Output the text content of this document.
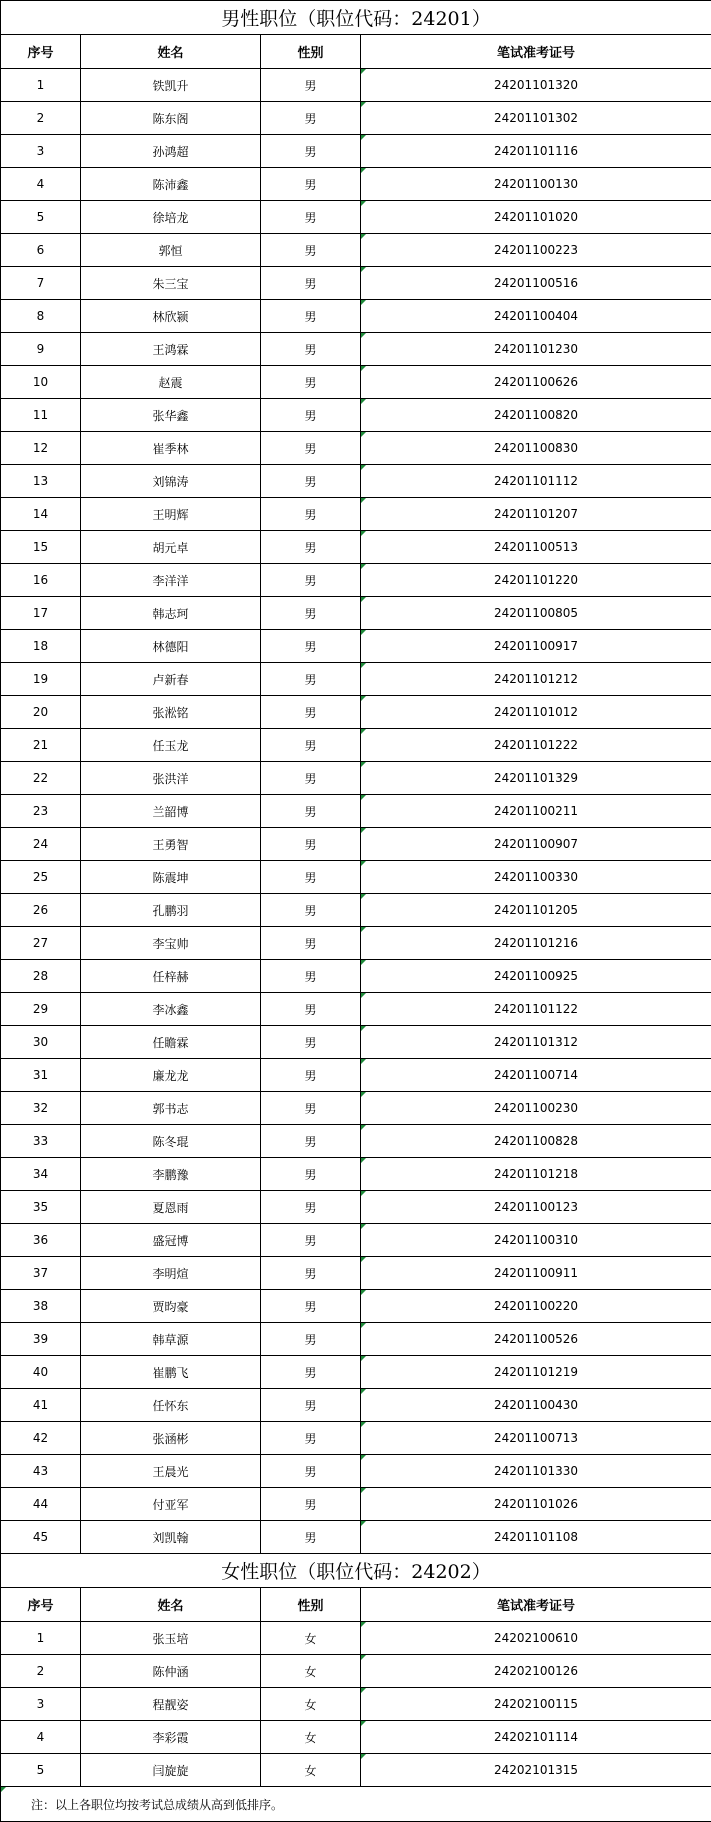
男性职位（职位代码：24201）			
序号	姓名	性别	笔试准考证号
1	铁凯升	男	24201101320
2	陈东阁	男	24201101302
3	孙鸿超	男	24201101116
4	陈沛鑫	男	24201100130
5	徐培龙	男	24201101020
6	郭恒	男	24201100223
7	朱三宝	男	24201100516
8	林欣颍	男	24201100404
9	王鸿霖	男	24201101230
10	赵震	男	24201100626
11	张华鑫	男	24201100820
12	崔季林	男	24201100830
13	刘锦涛	男	24201101112
14	王明辉	男	24201101207
15	胡元卓	男	24201100513
16	李洋洋	男	24201101220
17	韩志珂	男	24201100805
18	林德阳	男	24201100917
19	卢新春	男	24201101212
20	张淞铭	男	24201101012
21	任玉龙	男	24201101222
22	张洪洋	男	24201101329
23	兰韶博	男	24201100211
24	王勇智	男	24201100907
25	陈震坤	男	24201100330
26	孔鹏羽	男	24201101205
27	李宝帅	男	24201101216
28	任梓赫	男	24201100925
29	李冰鑫	男	24201101122
30	任瞻霖	男	24201101312
31	廉龙龙	男	24201100714
32	郭书志	男	24201100230
33	陈冬琨	男	24201100828
34	李鹏豫	男	24201101218
35	夏恩雨	男	24201100123
36	盛冠博	男	24201100310
37	李明煊	男	24201100911
38	贾昀豪	男	24201100220
39	韩草源	男	24201100526
40	崔鹏飞	男	24201101219
41	任怀东	男	24201100430
42	张涵彬	男	24201100713
43	王晨光	男	24201101330
44	付亚军	男	24201101026
45	刘凯翰	男	24201101108
女性职位（职位代码：24202）			
序号	姓名	性别	笔试准考证号
1	张玉培	女	24202100610
2	陈仲涵	女	24202100126
3	程靓姿	女	24202100115
4	李彩霞	女	24202101114
5	闫旋旋	女	24202101315
注：以上各职位均按考试总成绩从高到低排序。			
